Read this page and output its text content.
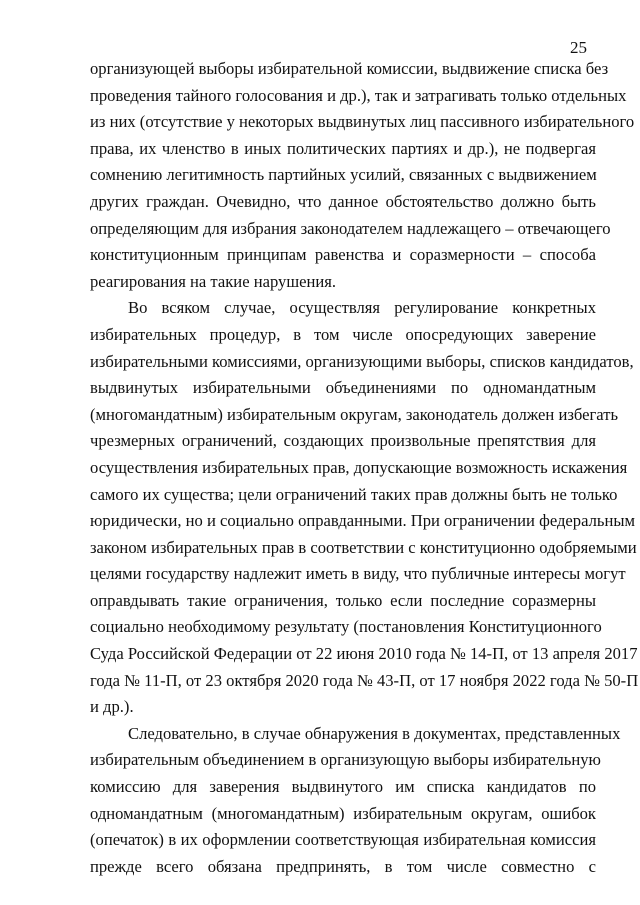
25
организующей выборы избирательной комиссии, выдвижение списка без
проведения тайного голосования и др.), так и затрагивать только отдельных
из них (отсутствие у некоторых выдвинутых лиц пассивного избирательного
права, их членство в иных политических партиях и др.), не подвергая
сомнению легитимность партийных усилий, связанных с выдвижением
других граждан. Очевидно, что данное обстоятельство должно быть
определяющим для избрания законодателем надлежащего – отвечающего
конституционным принципам равенства и соразмерности – способа
реагирования на такие нарушения.
Во всяком случае, осуществляя регулирование конкретных
избирательных процедур, в том числе опосредующих заверение
избирательными комиссиями, организующими выборы, списков кандидатов,
выдвинутых избирательными объединениями по одномандатным
(многомандатным) избирательным округам, законодатель должен избегать
чрезмерных ограничений, создающих произвольные препятствия для
осуществления избирательных прав, допускающие возможность искажения
самого их существа; цели ограничений таких прав должны быть не только
юридически, но и социально оправданными. При ограничении федеральным
законом избирательных прав в соответствии с конституционно одобряемыми
целями государству надлежит иметь в виду, что публичные интересы могут
оправдывать такие ограничения, только если последние соразмерны
социально необходимому результату (постановления Конституционного
Суда Российской Федерации от 22 июня 2010 года № 14-П, от 13 апреля 2017
года № 11-П, от 23 октября 2020 года № 43-П, от 17 ноября 2022 года № 50-П
и др.).
Следовательно, в случае обнаружения в документах, представленных
избирательным объединением в организующую выборы избирательную
комиссию для заверения выдвинутого им списка кандидатов по
одномандатным (многомандатным) избирательным округам, ошибок
(опечаток) в их оформлении соответствующая избирательная комиссия
прежде всего обязана предпринять, в том числе совместно с
